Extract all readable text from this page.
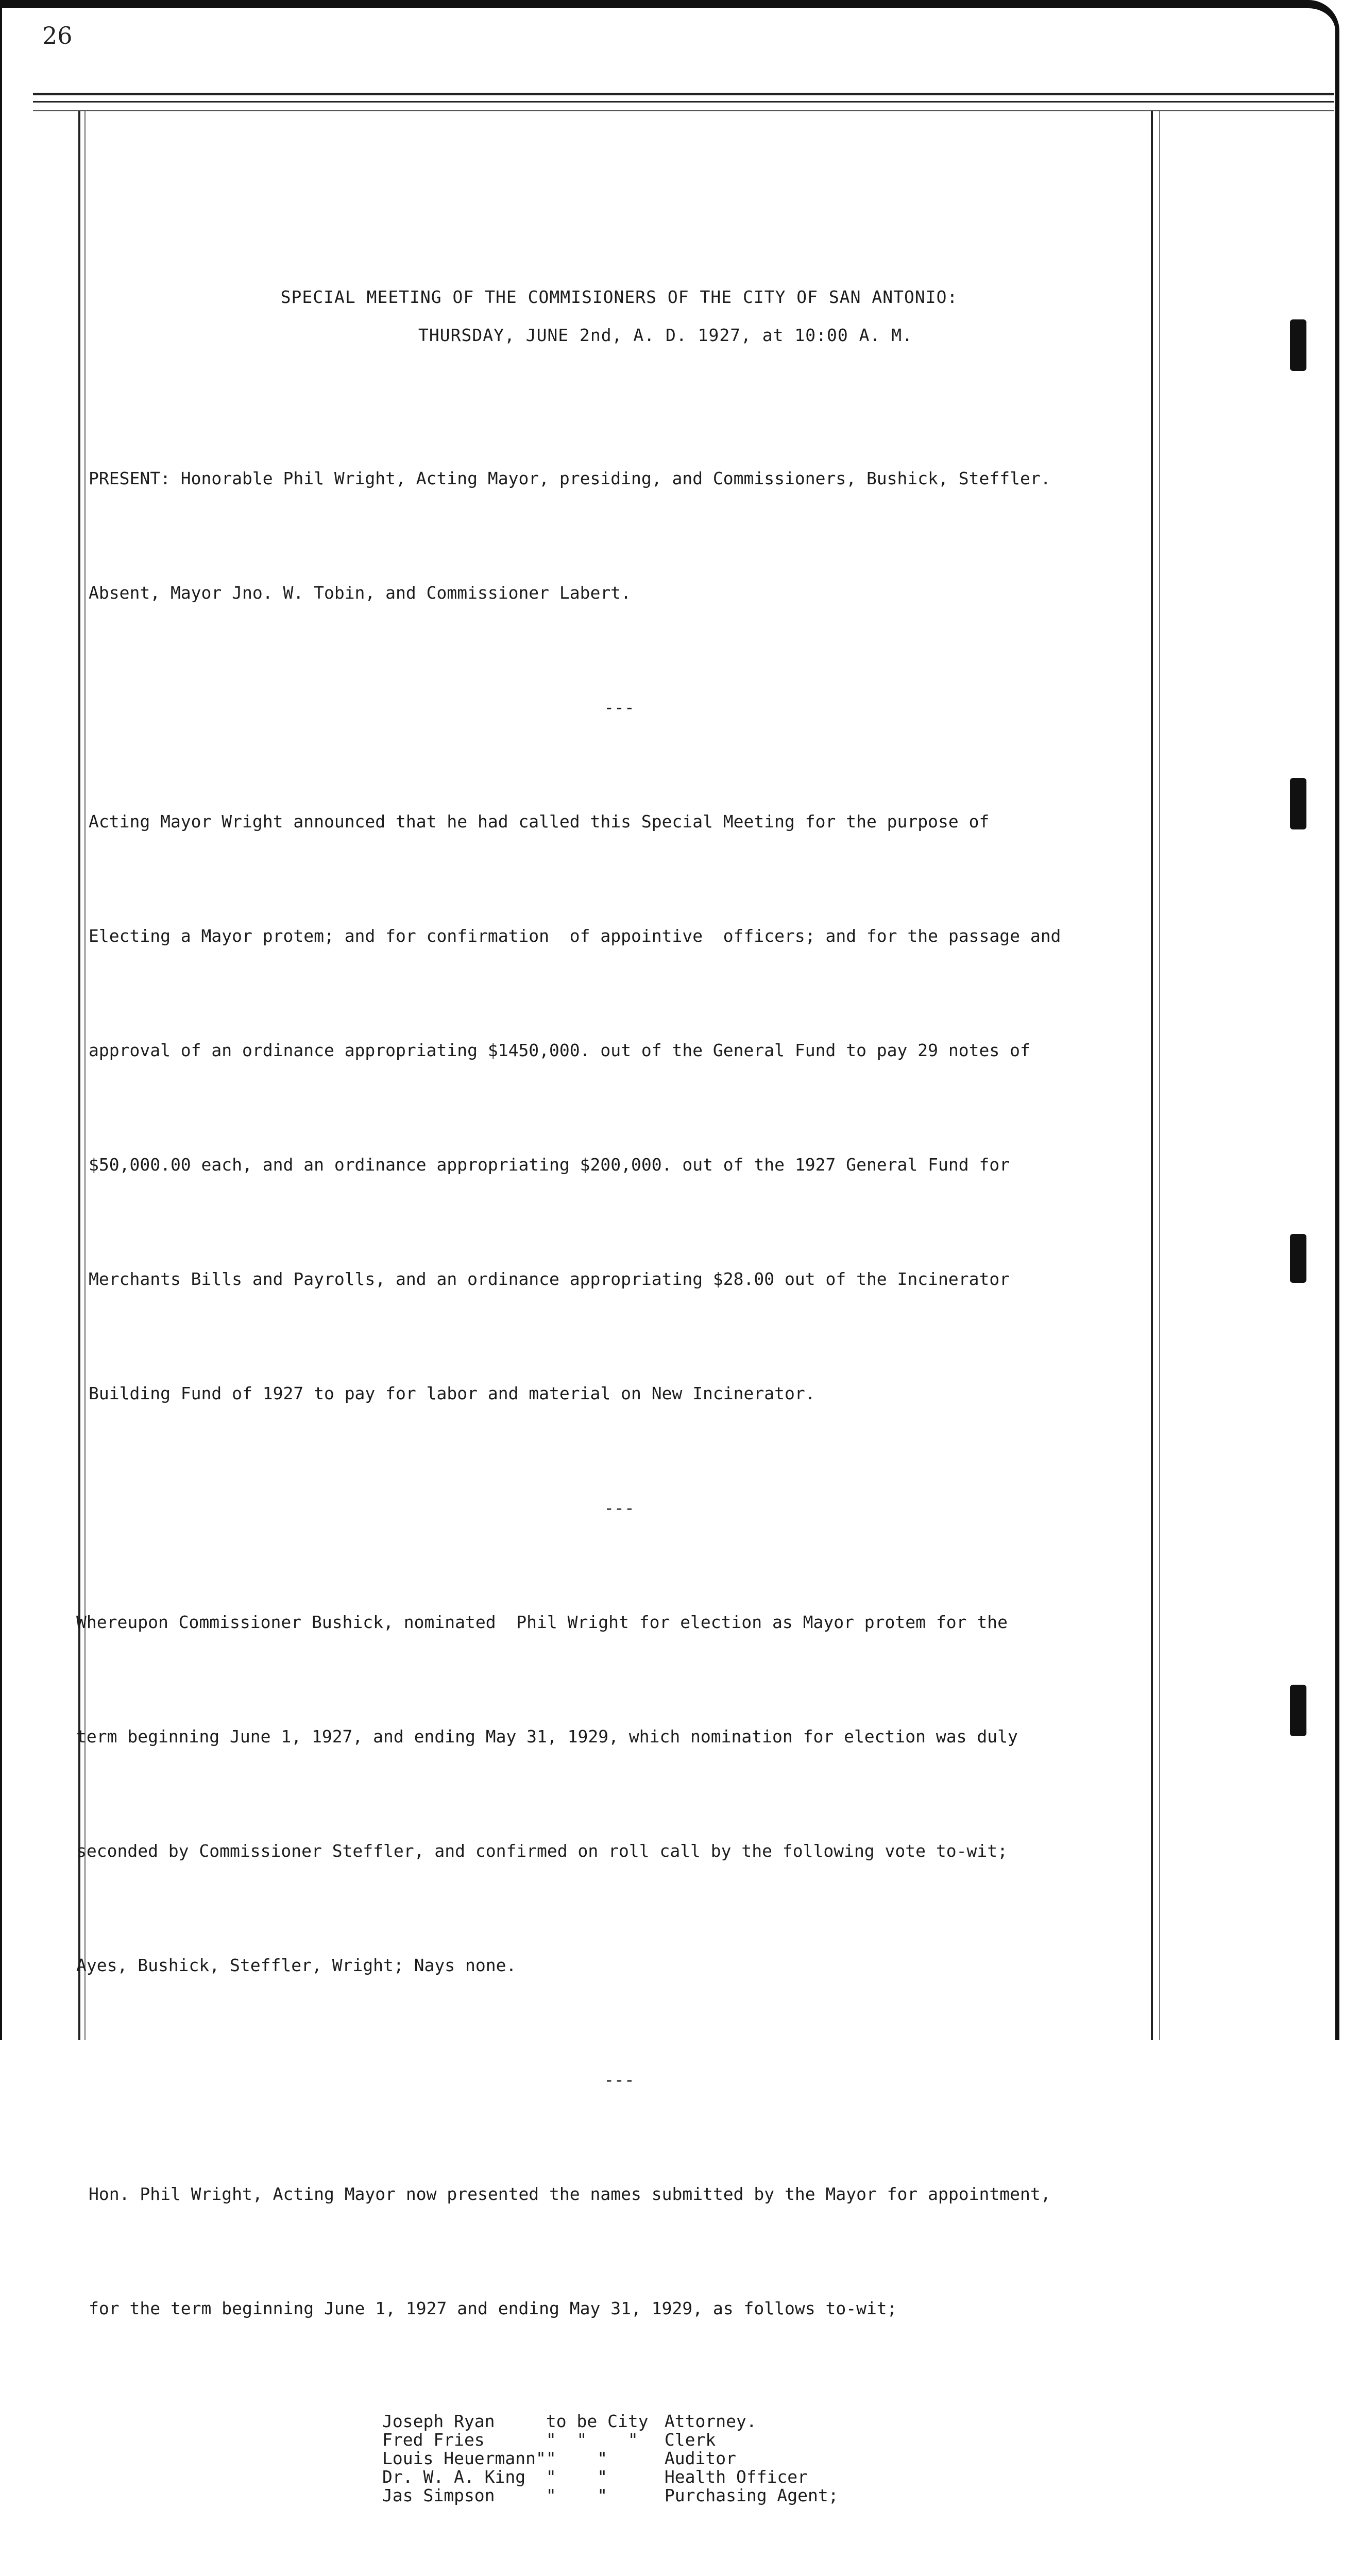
26
SPECIAL MEETING OF THE COMMISIONERS OF THE CITY OF SAN ANTONIO:
THURSDAY, JUNE 2nd, A. D. 1927, at 10:00 A. M.

PRESENT: Honorable Phil Wright, Acting Mayor, presiding, and Commissioners, Bushick, Steffler.

Absent, Mayor Jno. W. Tobin, and Commissioner Labert.

---

Acting Mayor Wright announced that he had called this Special Meeting for the purpose of

Electing a Mayor protem; and for confirmation  of appointive  officers; and for the passage and

approval of an ordinance appropriating $1450,000. out of the General Fund to pay 29 notes of

$50,000.00 each, and an ordinance appropriating $200,000. out of the 1927 General Fund for

Merchants Bills and Payrolls, and an ordinance appropriating $28.00 out of the Incinerator

Building Fund of 1927 to pay for labor and material on New Incinerator.

---

Whereupon Commissioner Bushick, nominated  Phil Wright for election as Mayor protem for the

term beginning June 1, 1927, and ending May 31, 1929, which nomination for election was duly

seconded by Commissioner Steffler, and confirmed on roll call by the following vote to-wit;

Ayes, Bushick, Steffler, Wright; Nays none.

---

Hon. Phil Wright, Acting Mayor now presented the names submitted by the Mayor for appointment,

for the term beginning June 1, 1927 and ending May 31, 1929, as follows to-wit;

Joseph Ryan	to be City	Attorney.
Fred Fries	"  "    "	Clerk
Louis Heuermann"	"    "	Auditor
Dr. W. A. King	"    "	Health Officer
Jas Simpson	"    "	Purchasing Agent;
